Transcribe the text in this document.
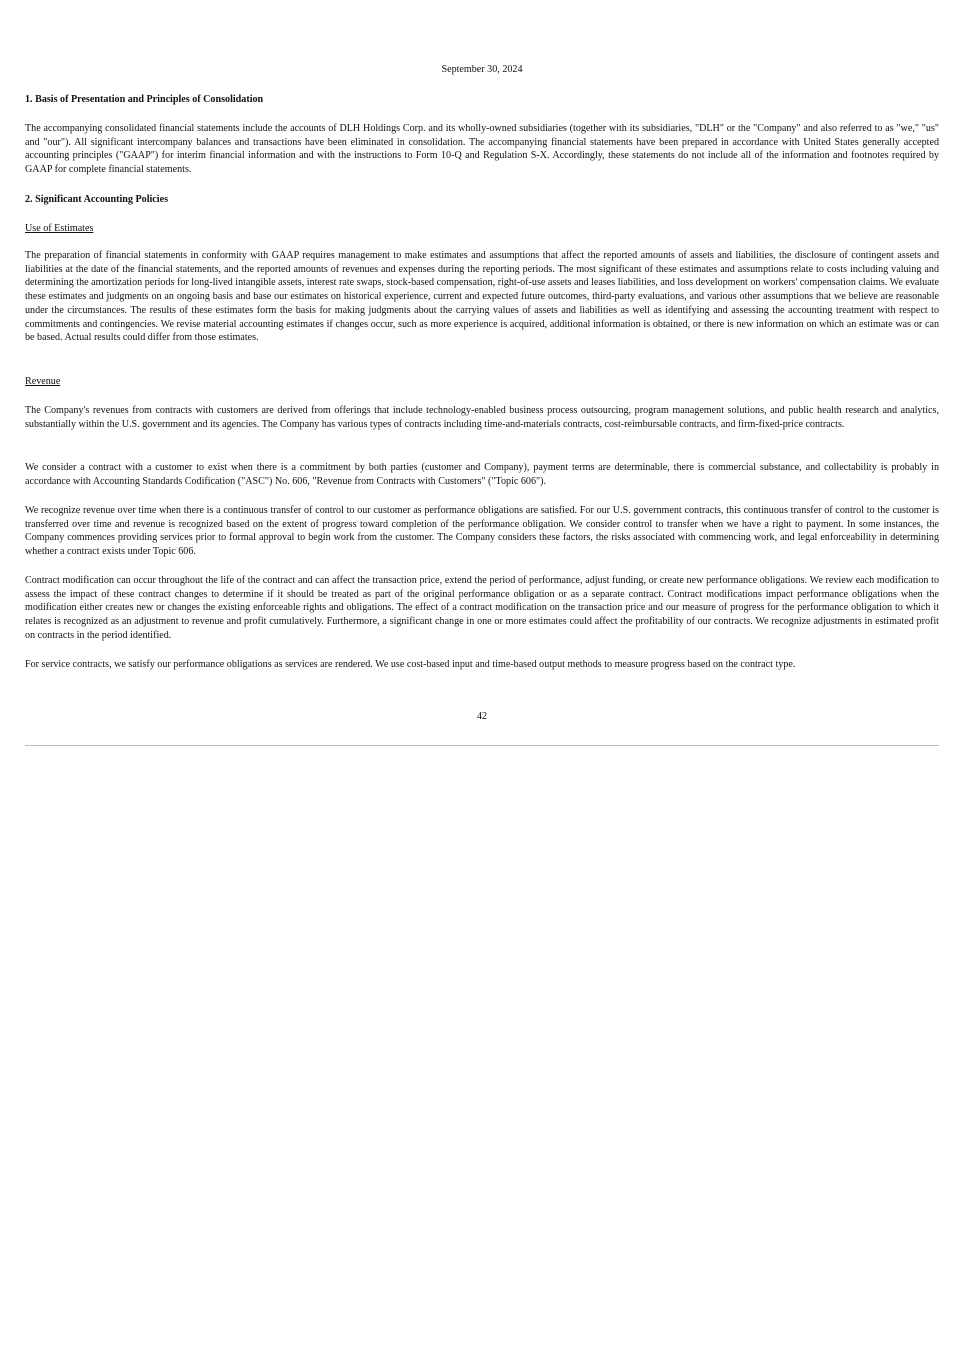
September 30, 2024
1. Basis of Presentation and Principles of Consolidation

The accompanying consolidated financial statements include the accounts of DLH Holdings Corp. and its wholly-owned subsidiaries (together with its subsidiaries, "DLH" or the "Company" and also referred to as "we," "us" and "our"). All significant intercompany balances and transactions have been eliminated in consolidation. The accompanying financial statements have been prepared in accordance with United States generally accepted accounting principles ("GAAP") for interim financial information and with the instructions to Form 10-Q and Regulation S-X. Accordingly, these statements do not include all of the information and footnotes required by GAAP for complete financial statements.

2. Significant Accounting Policies
Use of Estimates

The preparation of financial statements in conformity with GAAP requires management to make estimates and assumptions that affect the reported amounts of assets and liabilities, the disclosure of contingent assets and liabilities at the date of the financial statements, and the reported amounts of revenues and expenses during the reporting periods. The most significant of these estimates and assumptions relate to costs including valuing and determining the amortization periods for long-lived intangible assets, interest rate swaps, stock-based compensation, right-of-use assets and leases liabilities, and loss development on workers' compensation claims. We evaluate these estimates and judgments on an ongoing basis and base our estimates on historical experience, current and expected future outcomes, third-party evaluations, and various other assumptions that we believe are reasonable under the circumstances. The results of these estimates form the basis for making judgments about the carrying values of assets and liabilities as well as identifying and assessing the accounting treatment with respect to commitments and contingencies. We revise material accounting estimates if changes occur, such as more experience is acquired, additional information is obtained, or there is new information on which an estimate was or can be based. Actual results could differ from those estimates.

Revenue

The Company's revenues from contracts with customers are derived from offerings that include technology-enabled business process outsourcing, program management solutions, and public health research and analytics, substantially within the U.S. government and its agencies. The Company has various types of contracts including time-and-materials contracts, cost-reimbursable contracts, and firm-fixed-price contracts.

We consider a contract with a customer to exist when there is a commitment by both parties (customer and Company), payment terms are determinable, there is commercial substance, and collectability is probably in accordance with Accounting Standards Codification ("ASC") No. 606, "Revenue from Contracts with Customers" ("Topic 606").

We recognize revenue over time when there is a continuous transfer of control to our customer as performance obligations are satisfied. For our U.S. government contracts, this continuous transfer of control to the customer is transferred over time and revenue is recognized based on the extent of progress toward completion of the performance obligation. We consider control to transfer when we have a right to payment. In some instances, the Company commences providing services prior to formal approval to begin work from the customer. The Company considers these factors, the risks associated with commencing work, and legal enforceability in determining whether a contract exists under Topic 606.

Contract modification can occur throughout the life of the contract and can affect the transaction price, extend the period of performance, adjust funding, or create new performance obligations. We review each modification to assess the impact of these contract changes to determine if it should be treated as part of the original performance obligation or as a separate contract. Contract modifications impact performance obligations when the modification either creates new or changes the existing enforceable rights and obligations. The effect of a contract modification on the transaction price and our measure of progress for the performance obligation to which it relates is recognized as an adjustment to revenue and profit cumulatively. Furthermore, a significant change in one or more estimates could affect the profitability of our contracts. We recognize adjustments in estimated profit on contracts in the period identified.

For service contracts, we satisfy our performance obligations as services are rendered. We use cost-based input and time-based output methods to measure progress based on the contract type.

42
